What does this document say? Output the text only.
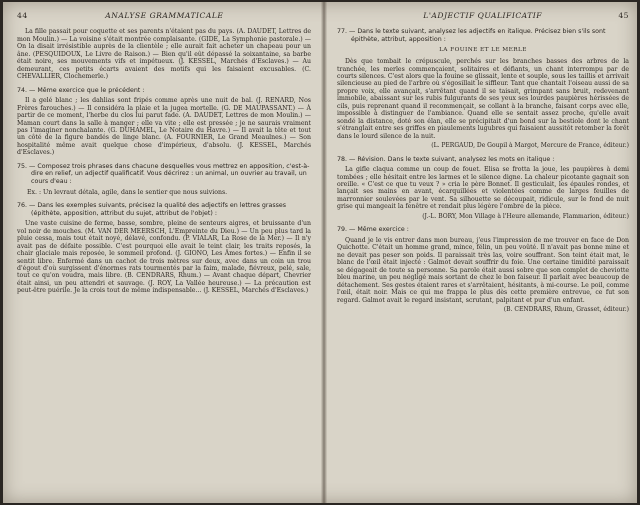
44	ANALYSE GRAMMATICALE

La fille passait pour coquette et ses parents n'étaient pas du pays. (A. DAUDET, Lettres de mon Moulin.) — La voisine s'était montrée complaisante. (GIDE, La Symphonie pastorale.) — On la disait irrésistible auprès de la clientèle ; elle aurait fait acheter un chapeau pour un âne. (PESQUIDOUX, Le Livre de Raison.) — Bien qu'il eût dépassé la soixantaine, sa barbe était noire, ses mouvements vifs et impétueux. (J. KESSEL, Marchés d'Esclaves.) — Au demeurant, ces petits écarts avaient des motifs qui les faisaient excusables. (C. CHEVALLIER, Clochemerle.)

74. — Même exercice que le précédent :

Il a gelé blanc ; les dahlias sont fripés comme après une nuit de bal. (J. RENARD, Nos Frères farouches.) — Il considéra la plaie et la jugea mortelle. (G. DE MAUPASSANT.) — À partir de ce moment, l'herbe du clos lui parut fade. (A. DAUDET, Lettres de mon Moulin.) — Maman court dans la salle à manger ; elle va vite ; elle est pressée ; je ne saurais vraiment pas l'imaginer nonchalante. (G. DUHAMEL, Le Notaire du Havre.) — Il avait la tête et tout un côté de la figure bandés de linge blanc. (A. FOURNIER, Le Grand Meaulnes.) — Son hospitalité même avait quelque chose d'impérieux, d'absolu. (J. KESSEL, Marchés d'Esclaves.)

75. — Composez trois phrases dans chacune desquelles vous mettrez en apposition, c'est-à-dire en relief, un adjectif qualificatif. Vous décrirez : un animal, un ouvrier au travail, un cours d'eau :
Ex. : Un levraut détala, agile, dans le sentier que nous suivions.
76. — Dans les exemples suivants, précisez la qualité des adjectifs en lettres grasses (épithète, apposition, attribut du sujet, attribut de l'objet) :

Une vaste cuisine de ferme, basse, sombre, pleine de senteurs aigres, et bruissante d'un vol noir de mouches. (M. VAN DER MEERSCH, L'Empreinte du Dieu.) — Un peu plus tard la pluie cessa, mais tout était noyé, délavé, confondu. (P. VIALAR, La Rose de la Mer.) — Il n'y avait pas de défaite possible. C'est pourquoi elle avait le teint clair, les traits reposés, la chair glaciale mais reposée, le sommeil profond. (J. GIONO, Les Âmes fortes.) — Enfin il se sentit libre. Enfermé dans un cachot de trois mètres sur deux, avec dans un coin un trou d'égout d'où surgissent d'énormes rats tourmentés par la faim, malade, fiévreux, pelé, sale, tout ce qu'on voudra, mais libre. (B. CENDRARS, Rhum.) — Avant chaque départ, Chevrier était ainsi, un peu attendri et sauvage. (J. ROY, La Vallée heureuse.) — La précaution est peut-être puérile. Je la crois tout de même indispensable... (J. KESSEL, Marchés d'Esclaves.)

L'ADJECTIF QUALIFICATIF	45
77. — Dans le texte suivant, analysez les adjectifs en italique. Précisez bien s'ils sont épithète, attribut, apposition :
LA FOUINE ET LE MERLE

Dès que tombait le crépuscule, perchés sur les branches basses des arbres de la tranchée, les merles commençaient, solitaires et défiants, un chant interrompu par de courts silences. C'est alors que la fouine se glissait, lente et souple, sous les taillis et arrivait silencieuse au pied de l'arbre où s'égosillait le siffleur. Tant que chantait l'oiseau aussi de sa propre voix, elle avançait, s'arrêtant quand il se taisait, grimpant sans bruit, redevenant immobile, abaissant sur les rubis fulgurants de ses yeux ses lourdes paupières hérissées de cils, puis reprenant quand il recommençait, se collant à la branche, faisant corps avec elle, impossible à distinguer de l'ambiance. Quand elle se sentait assez proche, qu'elle avait sondé la distance, doté son élan, elle se précipitait d'un bond sur la bestiole dont le chant s'étranglait entre ses griffes en piaulements lugubres qui faisaient aussitôt retomber la forêt dans le lourd silence de la nuit.

(L. PERGAUD, De Goupil à Margot, Mercure de France, éditeur.)
78. — Révision. Dans le texte suivant, analysez les mots en italique :

La gifle claqua comme un coup de fouet. Elisa se frotta la joue, les paupières à demi tombées ; elle hésitait entre les larmes et le silence digne. La chaleur picotante gagnait son oreille. « C'est ce que tu veux ? » cria le père Bonnet. Il gesticulait, les épaules rondes, et lançait ses mains en avant, écarquillées et violentées comme de larges feuilles de marronnier soulevées par le vent. Sa silhouette se découpait, ridicule, sur le fond de nuit grise qui mangeait la fenêtre et rendait plus légère l'ombre de la pièce.

(J.-L. BORY, Mon Village à l'Heure allemande, Flammarion, éditeur.)
79. — Même exercice :

Quand je le vis entrer dans mon bureau, j'eus l'impression de me trouver en face de Don Quichotte. C'était un homme grand, mince, félin, un peu voûté. Il n'avait pas bonne mine et ne devait pas peser son poids. Il paraissait très las, voire souffrant. Son teint était mat, le blanc de l'œil était injecté : Galmot devait souffrir du foie. Une certaine timidité paraissait se dégageait de toute sa personne. Sa parole était aussi sobre que son complet de cheviotte bleu marine, un peu négligé mais sortant de chez le bon faiseur. Il parlait avec beaucoup de détachement. Ses gestes étaient rares et s'arrêtaient, hésitants, à mi-course. Le poil, comme l'œil, était noir. Mais ce qui me frappa le plus dès cette première entrevue, ce fut son regard. Galmot avait le regard insistant, scrutant, palpitant et pur d'un enfant.

(B. CENDRARS, Rhum, Grasset, éditeur.)
